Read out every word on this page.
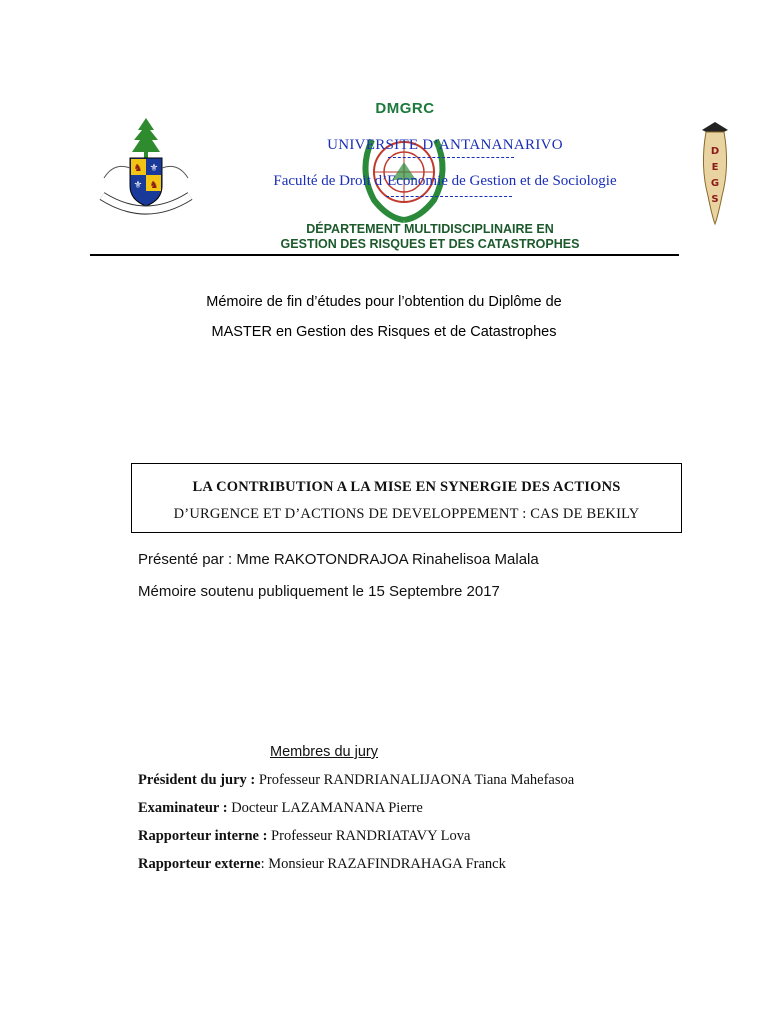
♞ ⚜
⚜ ♞
DMGRC
UNIVERSITE D’ANTANANARIVO
Faculté de Droit d’Economie de Gestion et de Sociologie
DÉPARTEMENT MULTIDISCIPLINAIRE EN
GESTION DES RISQUES ET DES CATASTROPHES
D
E
G
S
Mémoire de fin d’études pour l’obtention du Diplôme de
MASTER en Gestion des Risques et de Catastrophes
LA CONTRIBUTION A LA MISE EN SYNERGIE DES ACTIONS
D’URGENCE ET D’ACTIONS DE DEVELOPPEMENT : CAS DE BEKILY
Présenté par : Mme RAKOTONDRAJOA Rinahelisoa Malala
Mémoire soutenu publiquement le 15 Septembre 2017
Membres du jury
Président du jury : Professeur RANDRIANALIJAONA Tiana Mahefasoa
Examinateur : Docteur LAZAMANANA Pierre
Rapporteur interne : Professeur RANDRIATAVY Lova
Rapporteur externe: Monsieur RAZAFINDRAHAGA Franck
